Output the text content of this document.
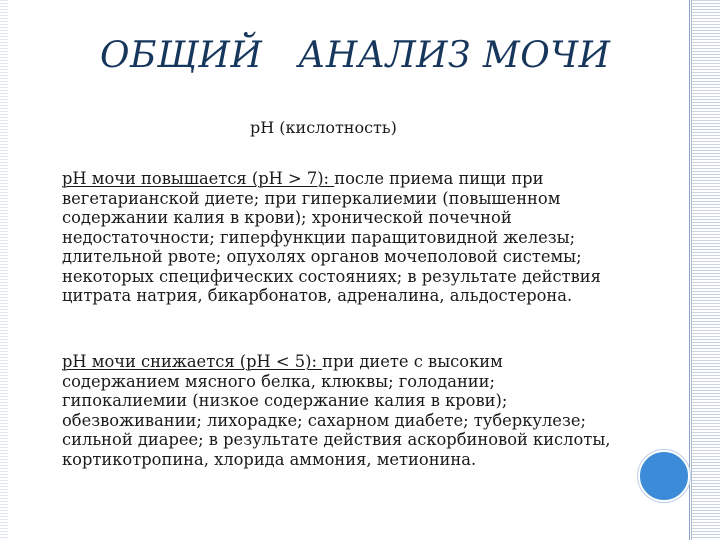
ОБЩИЙ   АНАЛИЗ МОЧИ
pH (кислотность)

pH мочи повышается (pH > 7): после приема пищи при вегетарианской диете; при гиперкалиемии (повышенном содержании калия в крови); хронической почечной недостаточности; гиперфункции паращитовидной железы; длительной рвоте; опухолях органов мочеполовой системы; некоторых специфических состояниях; в результате действия цитрата натрия, бикарбонатов, адреналина, альдостерона.

pH мочи снижается (pH < 5): при диете с высоким содержанием мясного белка, клюквы; голодании; гипокалиемии (низкое содержание калия в крови); обезвоживании; лихорадке; сахарном диабете; туберкулезе; сильной диарее; в результате действия аскорбиновой кислоты, кортикотропина, хлорида аммония, метионина.
